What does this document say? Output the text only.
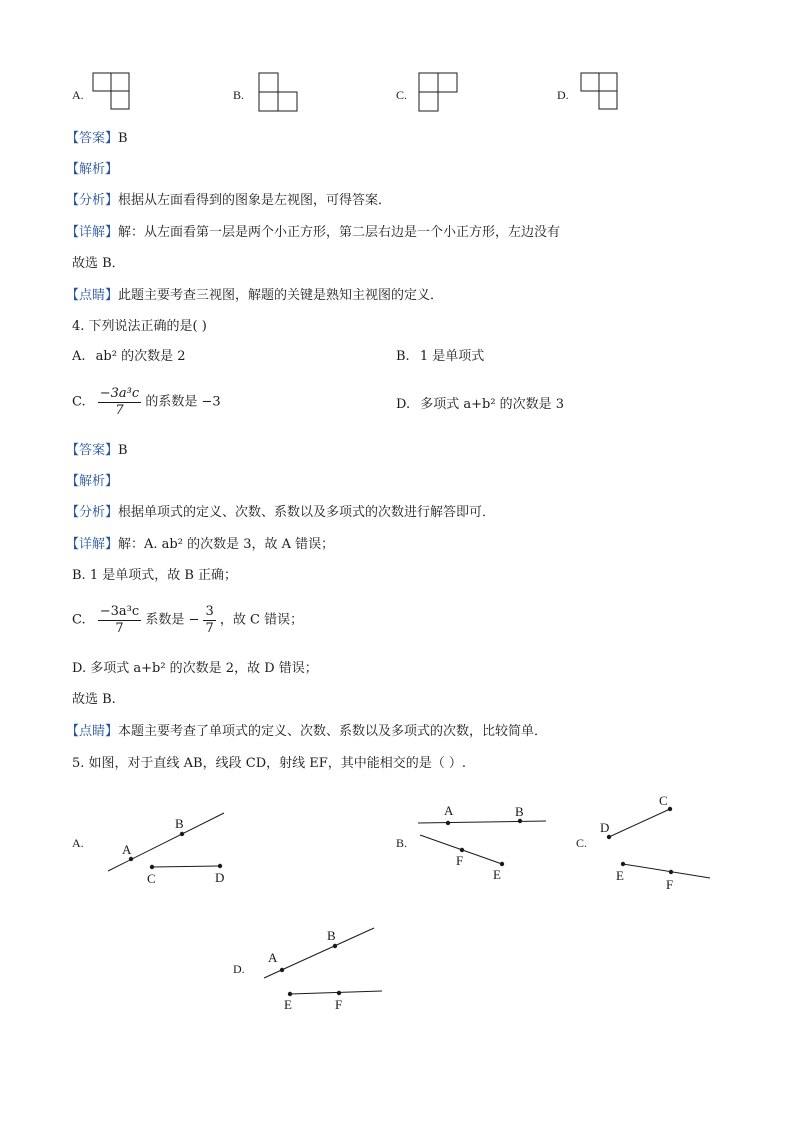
A.	B.	C.	D.
【答案】B
【解析】
【分析】根据从左面看得到的图象是左视图，可得答案．
【详解】解：从左面看第一层是两个小正方形，第二层右边是一个小正方形，左边没有
故选 B．
【点睛】此题主要考查三视图，解题的关键是熟知主视图的定义．
4. 下列说法正确的是( )
A. ab² 的次数是 2	B. 1 是单项式
C. $\frac{\text{−3a³c}}{7}$ 的系数是 −3	D. 多项式 a+b² 的次数是 3
【答案】B
【解析】
【分析】根据单项式的定义、次数、系数以及多项式的次数进行解答即可．
【详解】解：A. ab² 的次数是 3，故 A 错误；
B. 1 是单项式，故 B 正确；
C. $\frac{\text{−3a³c}}{7}$ 系数是 − $\frac{3}{7}$ ，故 C 错误；
D. 多项式 a+b² 的次数是 2，故 D 错误；
故选 B.
【点睛】本题主要考查了单项式的定义、次数、系数以及多项式的次数，比较简单．
5. 如图，对于直线 AB，线段 CD，射线 EF，其中能相交的是（ ）.
A.	A
B
C	D
B.
A	B
F
E
C.
C
D
E
F
D.
A
B
E	F
